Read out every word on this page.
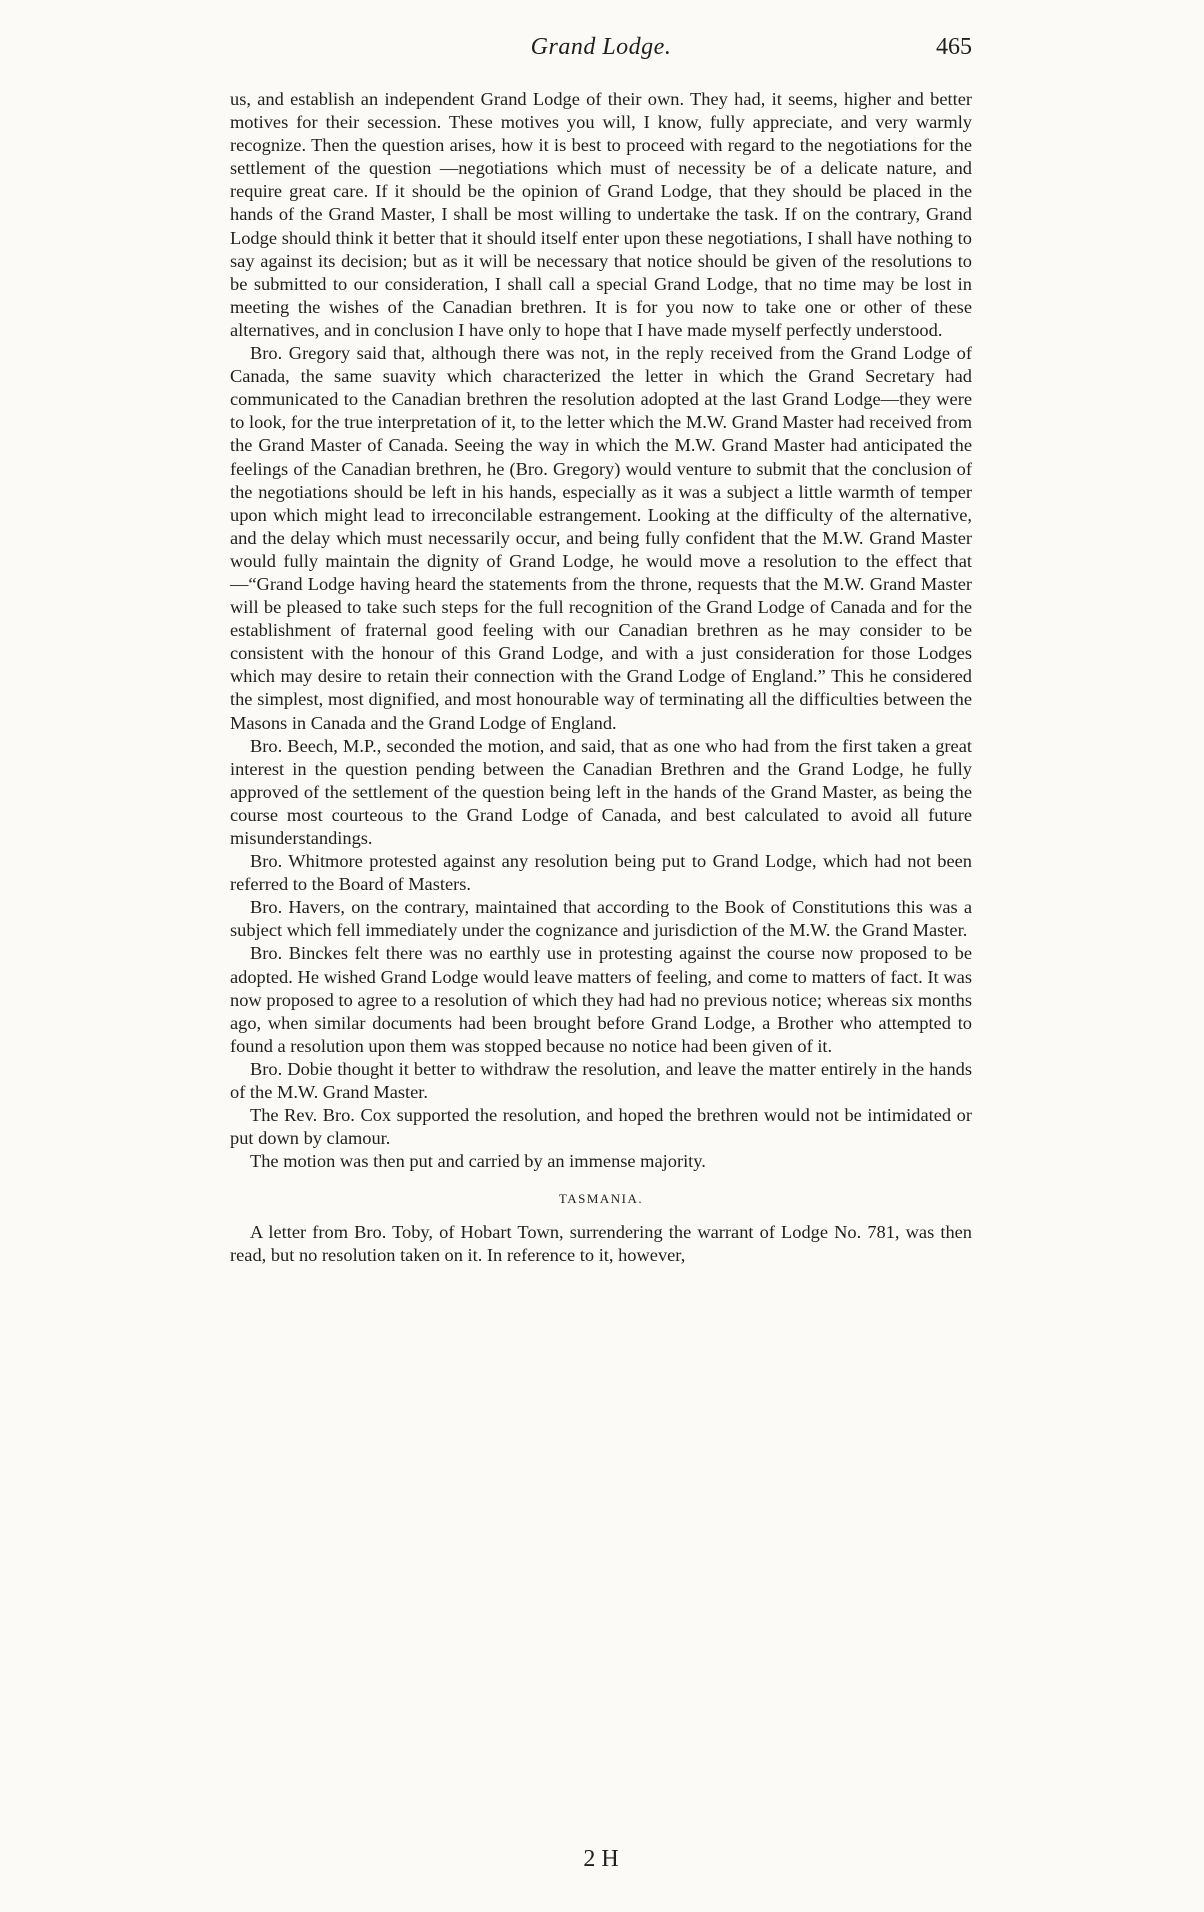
Grand Lodge.	465

us, and establish an independent Grand Lodge of their own. They had, it seems, higher and better motives for their secession. These motives you will, I know, fully appreciate, and very warmly recognize. Then the question arises, how it is best to proceed with regard to the negotiations for the settlement of the question —negotiations which must of necessity be of a delicate nature, and require great care. If it should be the opinion of Grand Lodge, that they should be placed in the hands of the Grand Master, I shall be most willing to undertake the task. If on the contrary, Grand Lodge should think it better that it should itself enter upon these negotiations, I shall have nothing to say against its decision; but as it will be necessary that notice should be given of the resolutions to be submitted to our consideration, I shall call a special Grand Lodge, that no time may be lost in meeting the wishes of the Canadian brethren. It is for you now to take one or other of these alternatives, and in conclusion I have only to hope that I have made myself perfectly understood.

Bro. Gregory said that, although there was not, in the reply received from the Grand Lodge of Canada, the same suavity which characterized the letter in which the Grand Secretary had communicated to the Canadian brethren the resolution adopted at the last Grand Lodge—they were to look, for the true interpretation of it, to the letter which the M.W. Grand Master had received from the Grand Master of Canada. Seeing the way in which the M.W. Grand Master had anticipated the feelings of the Canadian brethren, he (Bro. Gregory) would venture to submit that the conclusion of the negotiations should be left in his hands, especially as it was a subject a little warmth of temper upon which might lead to irreconcilable estrangement. Looking at the difficulty of the alternative, and the delay which must necessarily occur, and being fully confident that the M.W. Grand Master would fully maintain the dignity of Grand Lodge, he would move a resolution to the effect that—“Grand Lodge having heard the statements from the throne, requests that the M.W. Grand Master will be pleased to take such steps for the full recognition of the Grand Lodge of Canada and for the establishment of fraternal good feeling with our Canadian brethren as he may consider to be consistent with the honour of this Grand Lodge, and with a just consideration for those Lodges which may desire to retain their connection with the Grand Lodge of England.” This he considered the simplest, most dignified, and most honourable way of terminating all the difficulties between the Masons in Canada and the Grand Lodge of England.

Bro. Beech, M.P., seconded the motion, and said, that as one who had from the first taken a great interest in the question pending between the Canadian Brethren and the Grand Lodge, he fully approved of the settlement of the question being left in the hands of the Grand Master, as being the course most courteous to the Grand Lodge of Canada, and best calculated to avoid all future misunderstandings.

Bro. Whitmore protested against any resolution being put to Grand Lodge, which had not been referred to the Board of Masters.

Bro. Havers, on the contrary, maintained that according to the Book of Constitutions this was a subject which fell immediately under the cognizance and jurisdiction of the M.W. the Grand Master.

Bro. Binckes felt there was no earthly use in protesting against the course now proposed to be adopted. He wished Grand Lodge would leave matters of feeling, and come to matters of fact. It was now proposed to agree to a resolution of which they had had no previous notice; whereas six months ago, when similar documents had been brought before Grand Lodge, a Brother who attempted to found a resolution upon them was stopped because no notice had been given of it.

Bro. Dobie thought it better to withdraw the resolution, and leave the matter entirely in the hands of the M.W. Grand Master.

The Rev. Bro. Cox supported the resolution, and hoped the brethren would not be intimidated or put down by clamour.

The motion was then put and carried by an immense majority.

TASMANIA.

A letter from Bro. Toby, of Hobart Town, surrendering the warrant of Lodge No. 781, was then read, but no resolution taken on it. In reference to it, however,

2 H
